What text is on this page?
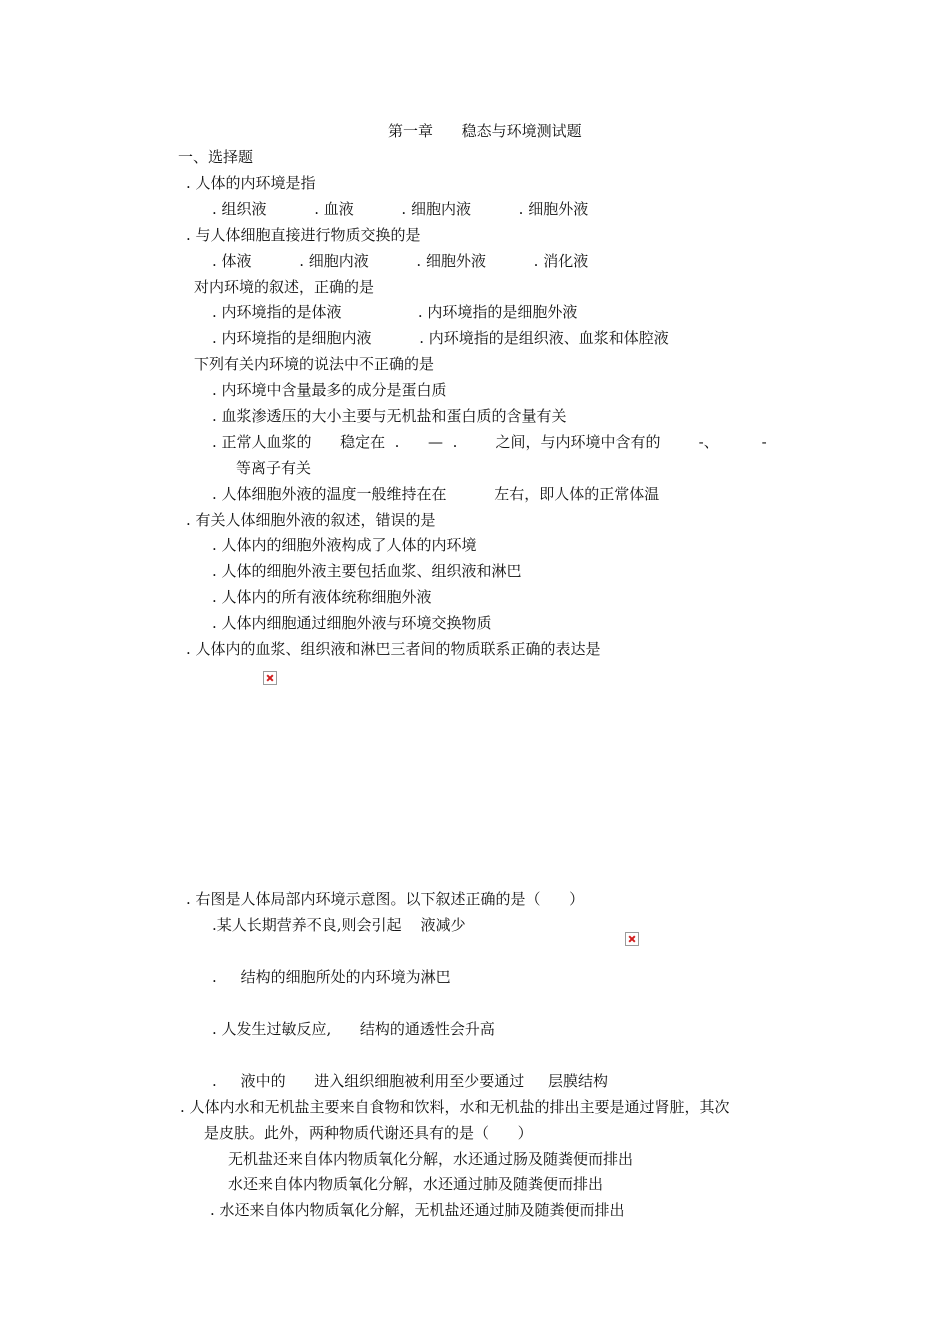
第一章      稳态与环境测试题
一、选择题
. 人体的内环境是指
. 组织液          . 血液          . 细胞内液          . 细胞外液
. 与人体细胞直接进行物质交换的是
. 体液          . 细胞内液          . 细胞外液          . 消化液
对内环境的叙述，正确的是
. 内环境指的是体液                . 内环境指的是细胞外液
. 内环境指的是细胞内液          . 内环境指的是组织液、血浆和体腔液
下列有关内环境的说法中不正确的是
. 内环境中含量最多的成分是蛋白质
. 血浆渗透压的大小主要与无机盐和蛋白质的含量有关
. 正常人血浆的      稳定在  .      —  .        之间，与内环境中含有的        -、         -
等离子有关
. 人体细胞外液的温度一般维持在在          左右，即人体的正常体温
. 有关人体细胞外液的叙述，错误的是
. 人体内的细胞外液构成了人体的内环境
. 人体的细胞外液主要包括血浆、组织液和淋巴
. 人体内的所有液体统称细胞外液
. 人体内细胞通过细胞外液与环境交换物质
. 人体内的血浆、组织液和淋巴三者间的物质联系正确的表达是
. 右图是人体局部内环境示意图。以下叙述正确的是（      ）
.某人长期营养不良,则会引起    液减少
.     结构的细胞所处的内环境为淋巴
. 人发生过敏反应,      结构的通透性会升高
.     液中的      进入组织细胞被利用至少要通过     层膜结构
. 人体内水和无机盐主要来自食物和饮料，水和无机盐的排出主要是通过肾脏，其次
是皮肤。此外，两种物质代谢还具有的是（      ）
无机盐还来自体内物质氧化分解，水还通过肠及随粪便而排出
水还来自体内物质氧化分解，水还通过肺及随粪便而排出
. 水还来自体内物质氧化分解，无机盐还通过肺及随粪便而排出
